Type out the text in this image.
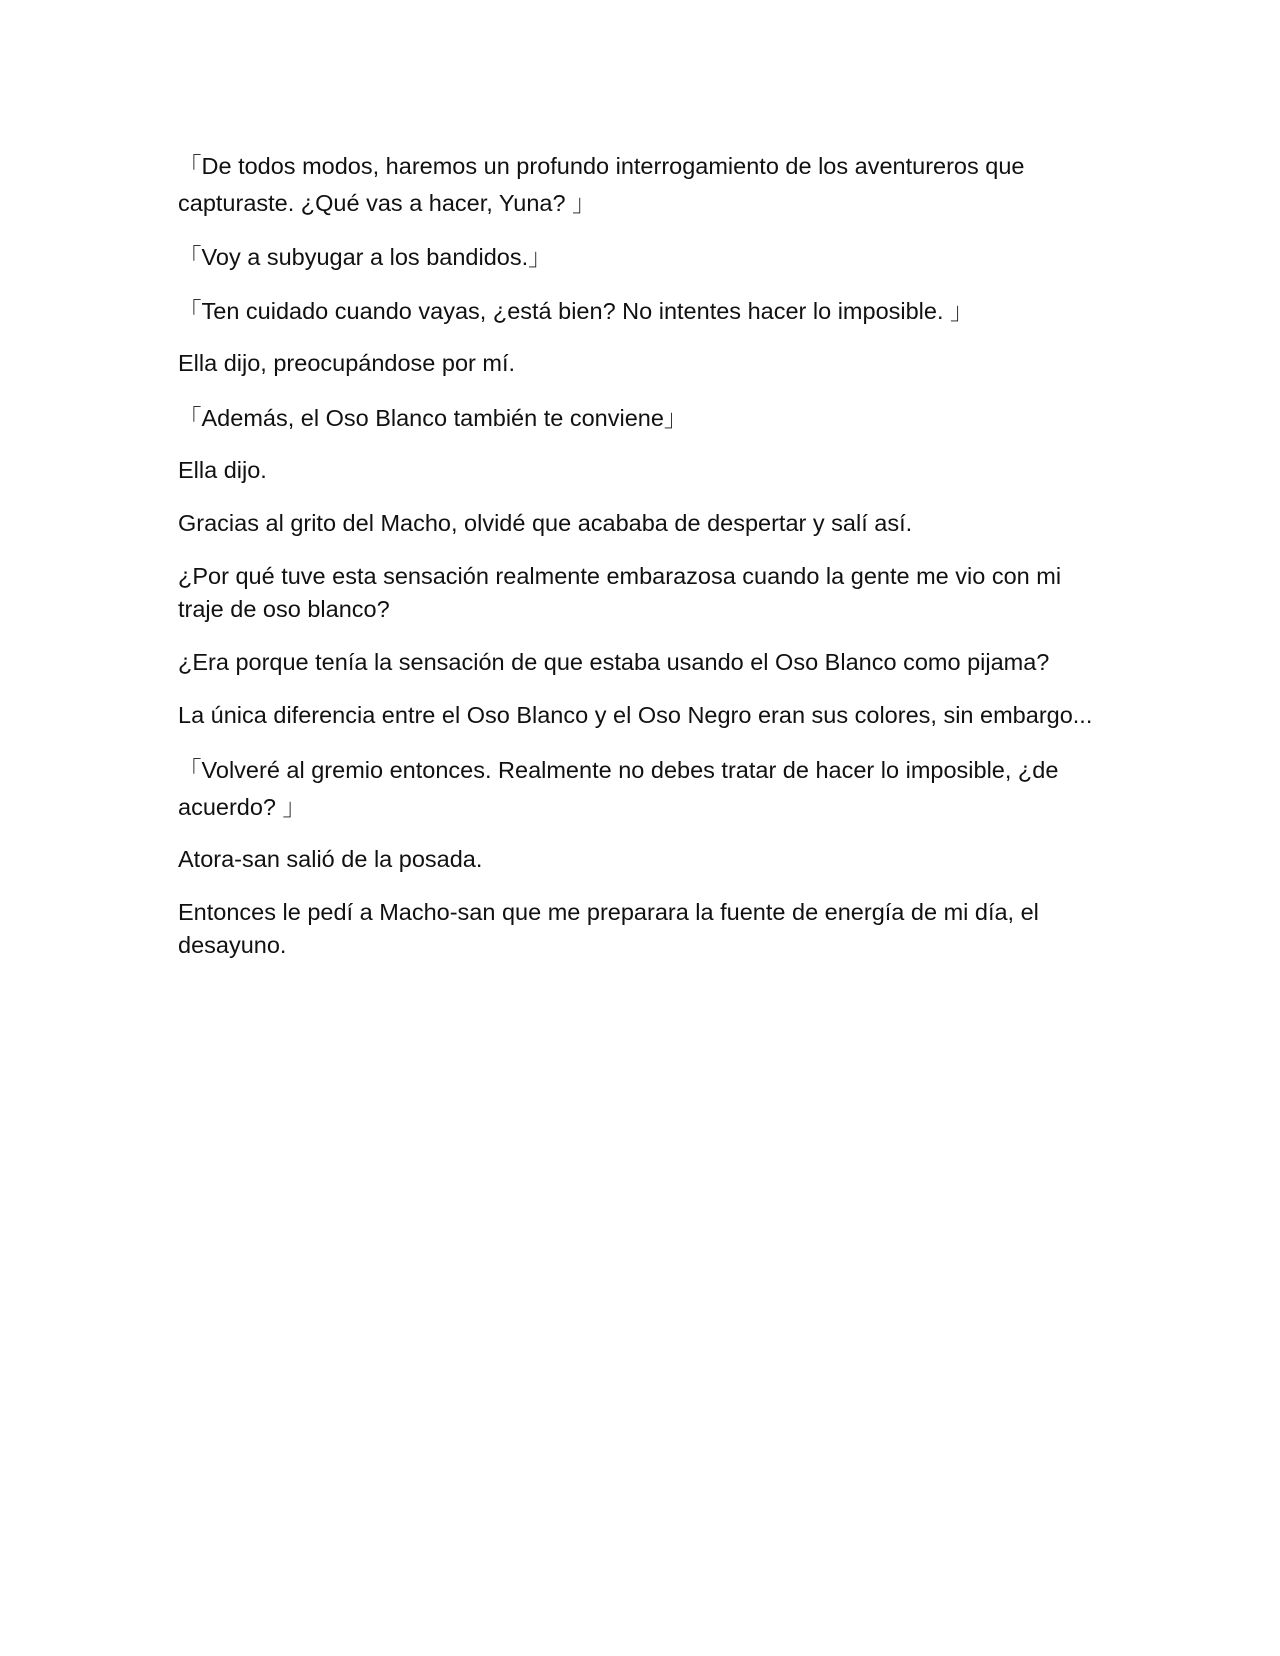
「De todos modos, haremos un profundo interrogamiento de los aventureros que capturaste. ¿Qué vas a hacer, Yuna? 」

「Voy a subyugar a los bandidos.」

「Ten cuidado cuando vayas, ¿está bien? No intentes hacer lo imposible. 」

Ella dijo, preocupándose por mí.

「Además, el Oso Blanco también te conviene」

Ella dijo.

Gracias al grito del Macho, olvidé que acababa de despertar y salí así.

¿Por qué tuve esta sensación realmente embarazosa cuando la gente me vio con mi traje de oso blanco?

¿Era porque tenía la sensación de que estaba usando el Oso Blanco como pijama?

La única diferencia entre el Oso Blanco y el Oso Negro eran sus colores, sin embargo...

「Volveré al gremio entonces. Realmente no debes tratar de hacer lo imposible, ¿de acuerdo? 」

Atora-san salió de la posada.

Entonces le pedí a Macho-san que me preparara la fuente de energía de mi día, el desayuno.
